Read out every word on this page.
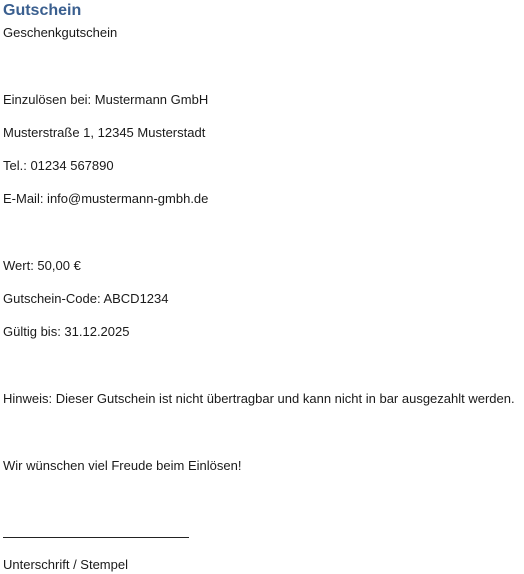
Gutschein
Geschenkgutschein
Einzulösen bei: Mustermann GmbH
Musterstraße 1, 12345 Musterstadt
Tel.: 01234 567890
E-Mail: info@mustermann-gmbh.de
Wert: 50,00 €
Gutschein-Code: ABCD1234
Gültig bis: 31.12.2025
Hinweis: Dieser Gutschein ist nicht übertragbar und kann nicht in bar ausgezahlt werden.
Wir wünschen viel Freude beim Einlösen!
Unterschrift / Stempel
